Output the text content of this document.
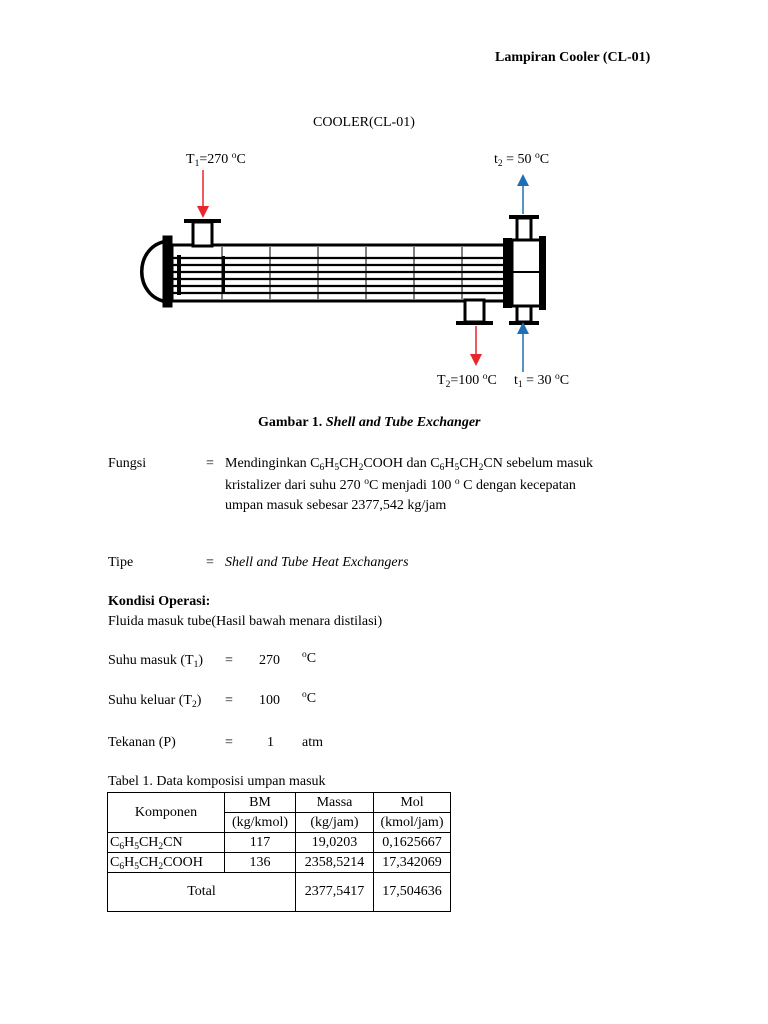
Lampiran Cooler (CL-01)
COOLER(CL-01)
$T_1=270$ $^o$C	$t_2 = 50$ $^o$C
$T_2=100$ $^o$C $t_1 = 30$ $^o$C
Gambar 1. Shell and Tube Exchanger
Fungsi	= Mendinginkan $C_6H_5CH_2COOH$ dan $C_6H_5CH_2CN$ sebelum masuk
kristalizer dari suhu 270 $^o$C menjadi 100 $^o$ C dengan kecepatan
umpan masuk sebesar 2377,542 kg/jam
Tipe	= Shell and Tube Heat Exchangers
Kondisi Operasi:
Fluida masuk tube(Hasil bawah menara distilasi)
Suhu masuk $(T_1) = 270$ $^o$C
Suhu keluar $(T_2) = 100$ $^o$C
Tekanan (P)	= 1 atm
Tabel 1. Data komposisi umpan masuk
Komponen	BM	Massa	Mol
	(kg/kmol)	(kg/jam)	(kmol/jam)
$C_6H_5CH_2CN$	117	19,0203	0,1625667
$C_6H_5CH_2COOH$	136	2358,5214	17,342069
Total		2377,5417	17,504636
